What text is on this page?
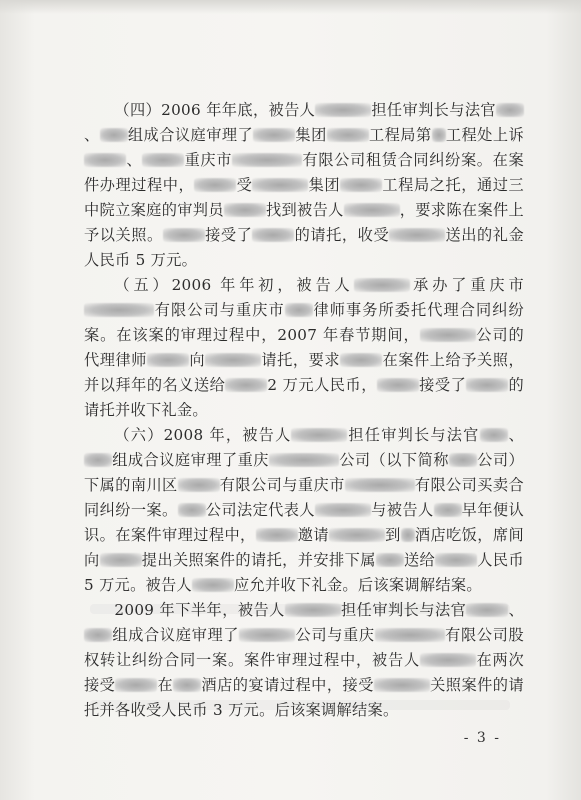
（四）2006 年年底，被告人	担任审判长与法官、 组成合议庭审理了	集团	工程局第 工程处上诉、	重庆市	有限公司租赁合同纠纷案。在案件办理过程中，	受	集团	工程局之托，通过三中院立案庭的审判员	找到被告人	，要求陈在案件上予以关照。	接受了	的请托，收受	送出的礼金人民币 5 万元。

（五）2006 年年初，被告人	承办了重庆市有限公司与重庆市 律师事务所委托代理合同纠纷案。在该案的审理过程中，2007 年春节期间，	公司的代理律师	向	请托，要求	在案件上给予关照，并以拜年的名义送给	2 万元人民币，	接受了	的请托并收下礼金。

（六）2008 年，被告人	担任审判长与法官 、组成合议庭审理了重庆	公司（以下简称 公司）下属的南川区	有限公司与重庆市	有限公司买卖合同纠纷一案。 公司法定代表人	与被告人 早年便认识。在案件审理过程中，	邀请	到 酒店吃饭，席间向	提出关照案件的请托，并安排下属 送给	人民币 5 万元。被告人	应允并收下礼金。后该案调解结案。

2009 年下半年，被告人	担任审判长与法官	、组成合议庭审理了	公司与重庆	有限公司股权转让纠纷合同一案。案件审理过程中，被告人	在两次接受	在 酒店的宴请过程中，接受	关照案件的请托并各收受人民币 3 万元。后该案调解结案。

- 3 -
